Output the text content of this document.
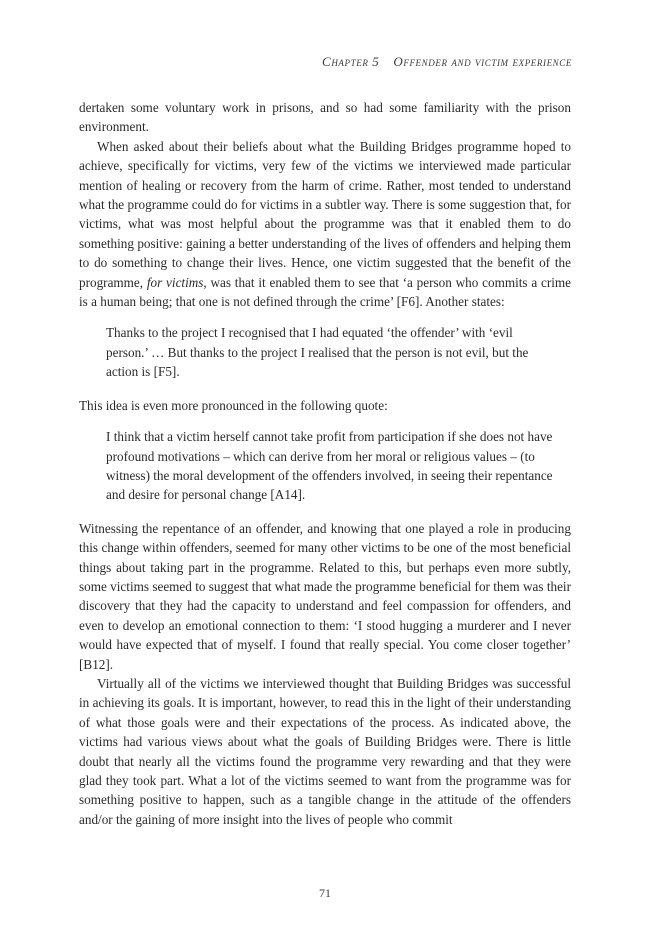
Chapter 5 Offender and victim experience

dertaken some voluntary work in prisons, and so had some familiarity with the prison environment.

When asked about their beliefs about what the Building Bridges programme hoped to achieve, specifically for victims, very few of the victims we interviewed made particular mention of healing or recovery from the harm of crime. Rather, most tended to understand what the programme could do for victims in a subtler way. There is some suggestion that, for victims, what was most helpful about the programme was that it enabled them to do something positive: gaining a better understanding of the lives of offenders and helping them to do something to change their lives. Hence, one victim suggested that the benefit of the programme, for victims, was that it enabled them to see that ‘a person who commits a crime is a human being; that one is not defined through the crime’ [F6]. Another states:

Thanks to the project I recognised that I had equated ‘the offender’ with ‘evil person.’ … But thanks to the project I realised that the person is not evil, but the action is [F5].

This idea is even more pronounced in the following quote:

I think that a victim herself cannot take profit from participation if she does not have profound motivations – which can derive from her moral or religious values – (to witness) the moral development of the offenders involved, in seeing their repentance and desire for personal change [A14].

Witnessing the repentance of an offender, and knowing that one played a role in producing this change within offenders, seemed for many other victims to be one of the most beneficial things about taking part in the programme. Related to this, but perhaps even more subtly, some victims seemed to suggest that what made the programme beneficial for them was their discovery that they had the capacity to understand and feel compassion for offenders, and even to develop an emotional connection to them: ‘I stood hugging a murderer and I never would have expected that of myself. I found that really special. You come closer together’ [B12].

Virtually all of the victims we interviewed thought that Building Bridges was successful in achieving its goals. It is important, however, to read this in the light of their understanding of what those goals were and their expectations of the process. As indicated above, the victims had various views about what the goals of Building Bridges were. There is little doubt that nearly all the victims found the programme very rewarding and that they were glad they took part. What a lot of the victims seemed to want from the programme was for something positive to happen, such as a tangible change in the attitude of the offenders and/or the gaining of more insight into the lives of people who commit

71
